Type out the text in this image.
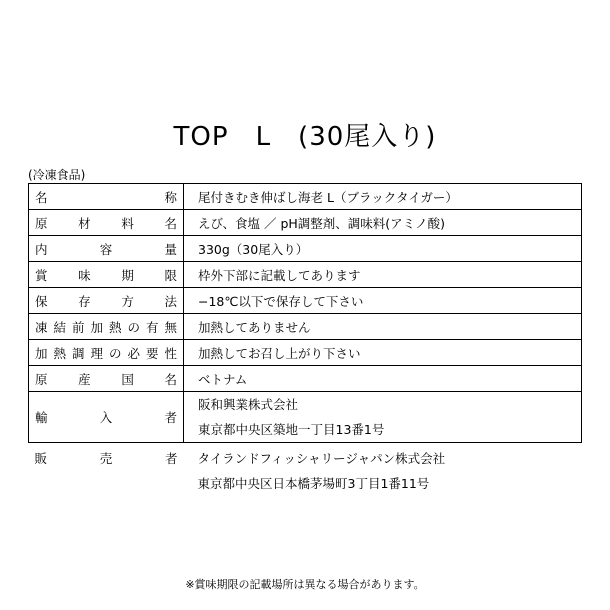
TOP　L　(30尾入り)
(冷凍食品)
名称	尾付きむき伸ばし海老 L（ブラックタイガー）
原材料名	えび、食塩 ／ pH調整剤、調味料(アミノ酸)
内容量	330g（30尾入り）
賞味期限	枠外下部に記載してあります
保存方法	−18℃以下で保存して下さい
凍結前加熱の有無	加熱してありません
加熱調理の必要性	加熱してお召し上がり下さい
原産国名	ベトナム
輸入者	阪和興業株式会社
東京都中央区築地一丁目13番1号

販売者	タイランドフィッシャリージャパン株式会社
東京都中央区日本橋茅場町3丁目1番11号
※賞味期限の記載場所は異なる場合があります。
